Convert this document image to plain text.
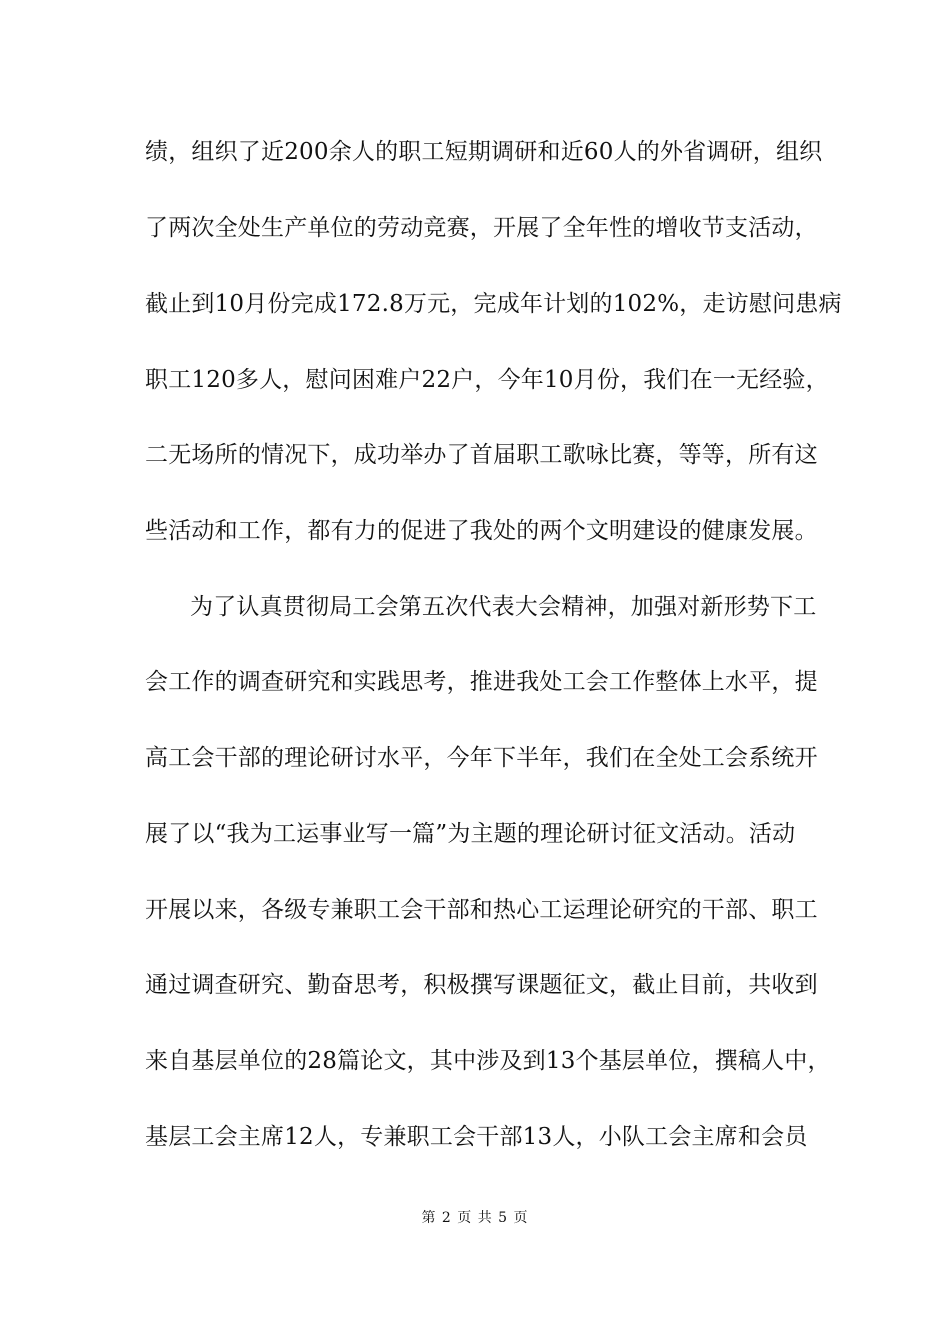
绩，组织了近200余人的职工短期调研和近60人的外省调研，组织
了两次全处生产单位的劳动竞赛，开展了全年性的增收节支活动，
截止到10月份完成172.8万元，完成年计划的102%，走访慰问患病
职工120多人，慰问困难户22户，今年10月份，我们在一无经验，
二无场所的情况下，成功举办了首届职工歌咏比赛，等等，所有这
些活动和工作，都有力的促进了我处的两个文明建设的健康发展。
为了认真贯彻局工会第五次代表大会精神，加强对新形势下工
会工作的调查研究和实践思考，推进我处工会工作整体上水平，提
高工会干部的理论研讨水平，今年下半年，我们在全处工会系统开
展了以“我为工运事业写一篇”为主题的理论研讨征文活动。活动
开展以来，各级专兼职工会干部和热心工运理论研究的干部、职工
通过调查研究、勤奋思考，积极撰写课题征文，截止目前，共收到
来自基层单位的28篇论文，其中涉及到13个基层单位，撰稿人中，
基层工会主席12人，专兼职工会干部13人，小队工会主席和会员
第 2 页 共 5 页
